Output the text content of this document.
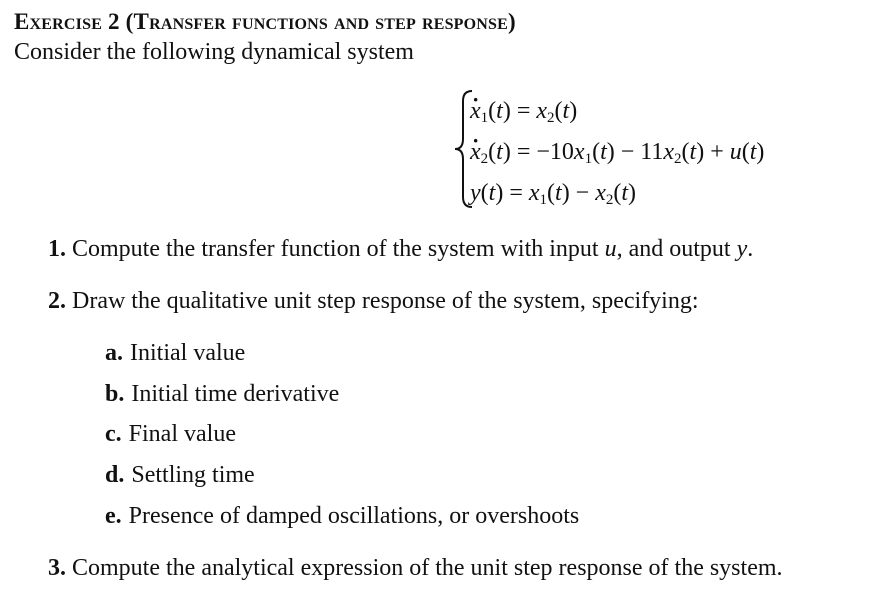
Exercise 2 (Transfer functions and step response)
Consider the following dynamical system
· $x_1(t) = x_2(t)$
· $x_2(t) = -10x_1(t) - 11x_2(t) + u(t)$
$y(t) = x_1(t) - x_2(t)$
1. Compute the transfer function of the system with input u, and output y.
2. Draw the qualitative unit step response of the system, specifying:
a. Initial value
b. Initial time derivative
c. Final value
d. Settling time
e. Presence of damped oscillations, or overshoots
3. Compute the analytical expression of the unit step response of the system.
